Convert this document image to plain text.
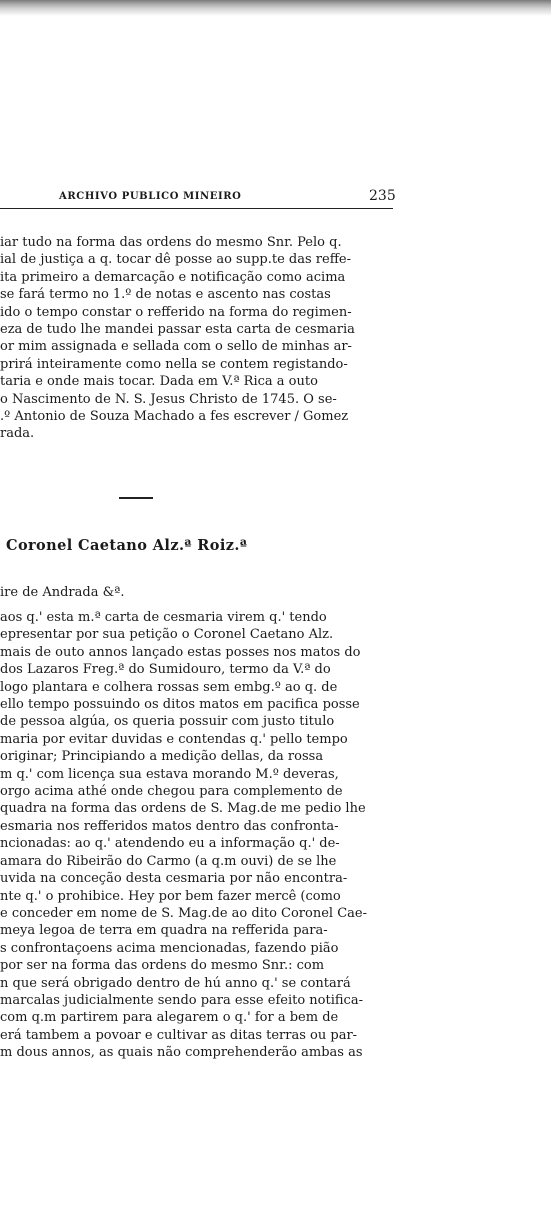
ARCHIVO PUBLICO MINEIRO	235
iar tudo na forma das ordens do mesmo Snr. Pelo q.
ial de justiça a q. tocar dê posse ao supp.te das reffe-
ita primeiro a demarcação e notificação como acima
se fará termo no 1.º de notas e ascento nas costas
ido o tempo constar o refferido na forma do regimen-
eza de tudo lhe mandei passar esta carta de cesmaria
or mim assignada e sellada com o sello de minhas ar-
prirá inteiramente como nella se contem registando-
taria e onde mais tocar. Dada em V.ª Rica a outo
o Nascimento de N. S. Jesus Christo de 1745. O se-
.º Antonio de Souza Machado a fes escrever / Gomez
rada.
Coronel Caetano Alz.ª Roiz.ª
ire de Andrada &ª.
aos q.' esta m.ª carta de cesmaria virem q.' tendo
epresentar por sua petição o Coronel Caetano Alz.
mais de outo annos lançado estas posses nos matos do
dos Lazaros Freg.ª do Sumidouro, termo da V.ª do
logo plantara e colhera rossas sem embg.º ao q. de
ello tempo possuindo os ditos matos em pacifica posse
de pessoa algúa, os queria possuir com justo titulo
maria por evitar duvidas e contendas q.' pello tempo
originar; Principiando a medição dellas, da rossa
m q.' com licença sua estava morando M.º deveras,
orgo acima athé onde chegou para complemento de
quadra na forma das ordens de S. Mag.de me pedio lhe
esmaria nos refferidos matos dentro das confronta-
ncionadas: ao q.' atendendo eu a informação q.' de-
amara do Ribeirão do Carmo (a q.m ouvi) de se lhe
uvida na conceção desta cesmaria por não encontra-
nte q.' o prohibice. Hey por bem fazer mercê (como
e conceder em nome de S. Mag.de ao dito Coronel Cae-
meya legoa de terra em quadra na refferida para-
s confrontaçoens acima mencionadas, fazendo pião
por ser na forma das ordens do mesmo Snr.: com
n que será obrigado dentro de hú anno q.' se contará
marcalas judicialmente sendo para esse efeito notifica-
com q.m partirem para alegarem o q.' for a bem de
erá tambem a povoar e cultivar as ditas terras ou par-
m dous annos, as quais não comprehenderão ambas as
